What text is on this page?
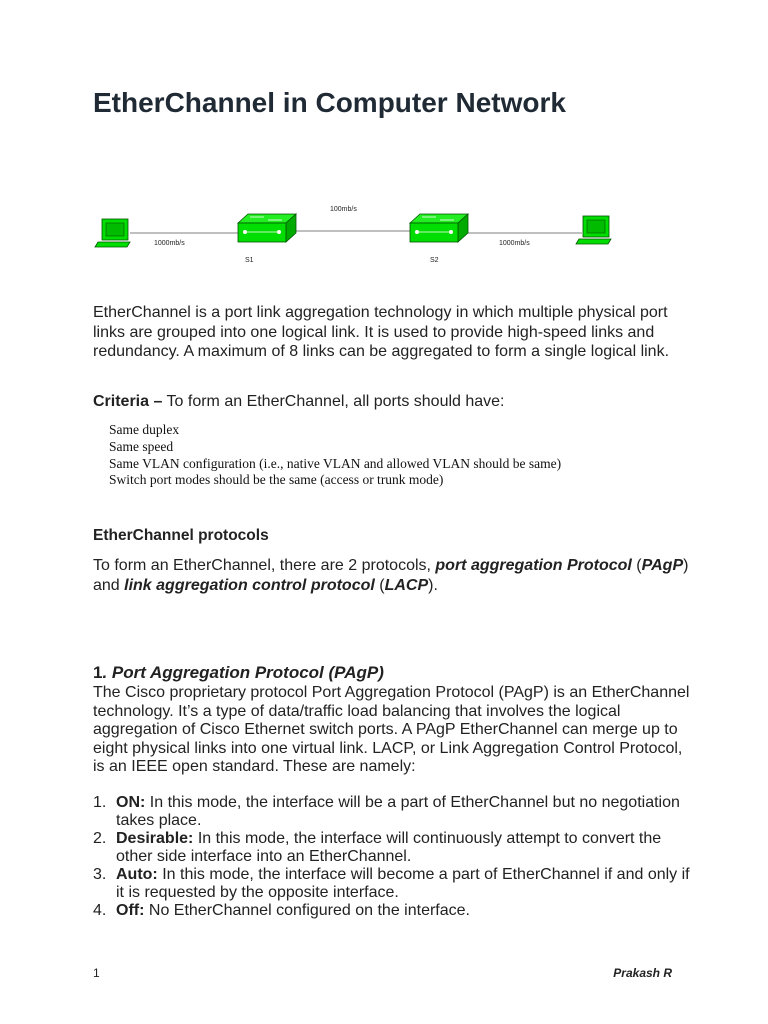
EtherChannel in Computer Network
100mb/s
1000mb/s	1000mb/s
S1	S2

EtherChannel is a port link aggregation technology in which multiple physical port links are grouped into one logical link. It is used to provide high-speed links and redundancy. A maximum of 8 links can be aggregated to form a single logical link.

Criteria – To form an EtherChannel, all ports should have:

Same duplex
Same speed
Same VLAN configuration (i.e., native VLAN and allowed VLAN should be same)
Switch port modes should be the same (access or trunk mode)
EtherChannel protocols

To form an EtherChannel, there are 2 protocols, port aggregation Protocol (PAgP) and link aggregation control protocol (LACP).

1. Port Aggregation Protocol (PAgP)

The Cisco proprietary protocol Port Aggregation Protocol (PAgP) is an EtherChannel technology. It’s a type of data/traffic load balancing that involves the logical aggregation of Cisco Ethernet switch ports. A PAgP EtherChannel can merge up to eight physical links into one virtual link. LACP, or Link Aggregation Control Protocol, is an IEEE open standard. These are namely:

1. ON: In this mode, the interface will be a part of EtherChannel but no negotiation takes place.
2. Desirable: In this mode, the interface will continuously attempt to convert the other side interface into an EtherChannel.
3. Auto: In this mode, the interface will become a part of EtherChannel if and only if it is requested by the opposite interface.
4. Off: No EtherChannel configured on the interface.
1	Prakash R
